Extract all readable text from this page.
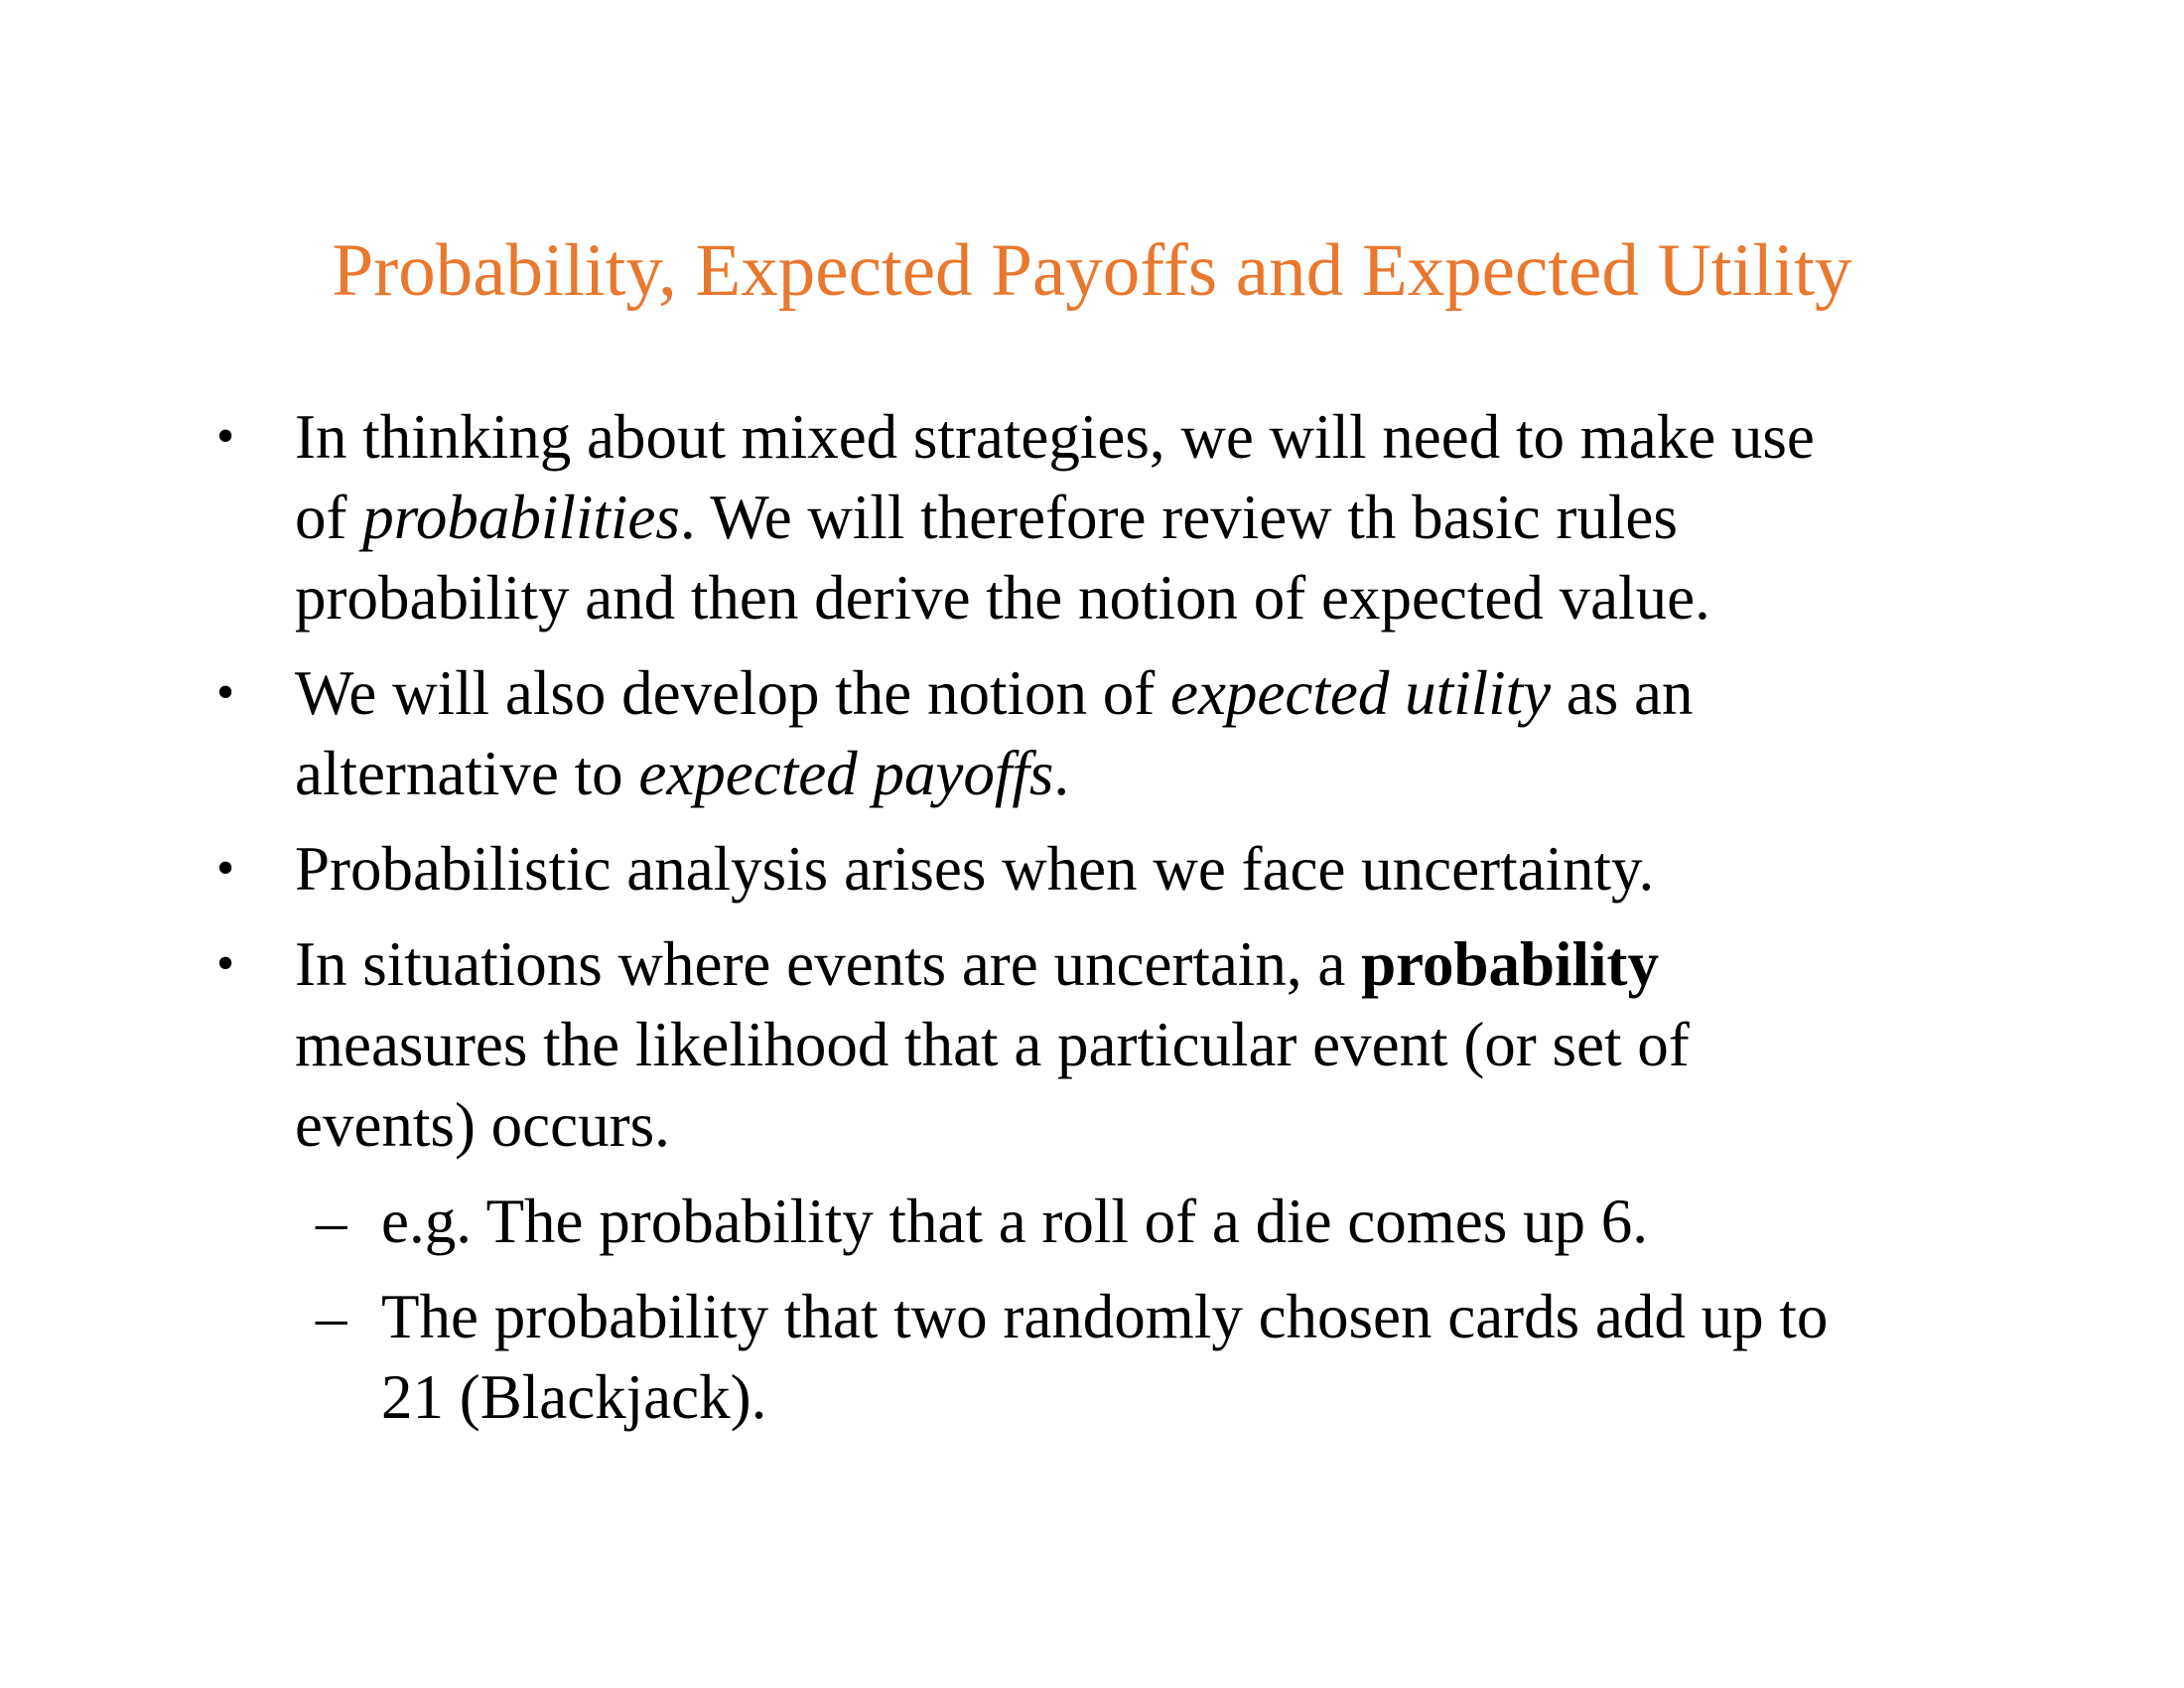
Probability, Expected Payoffs and Expected Utility
• In thinking about mixed strategies, we will need to make use
of probabilities. We will therefore review th basic rules
probability and then derive the notion of expected value.
• We will also develop the notion of expected utility as an
alternative to expected payoffs.
• Probabilistic analysis arises when we face uncertainty.
• In situations where events are uncertain, a probability
measures the likelihood that a particular event (or set of
events) occurs.
– e.g. The probability that a roll of a die comes up 6.
– The probability that two randomly chosen cards add up to
21 (Blackjack).
